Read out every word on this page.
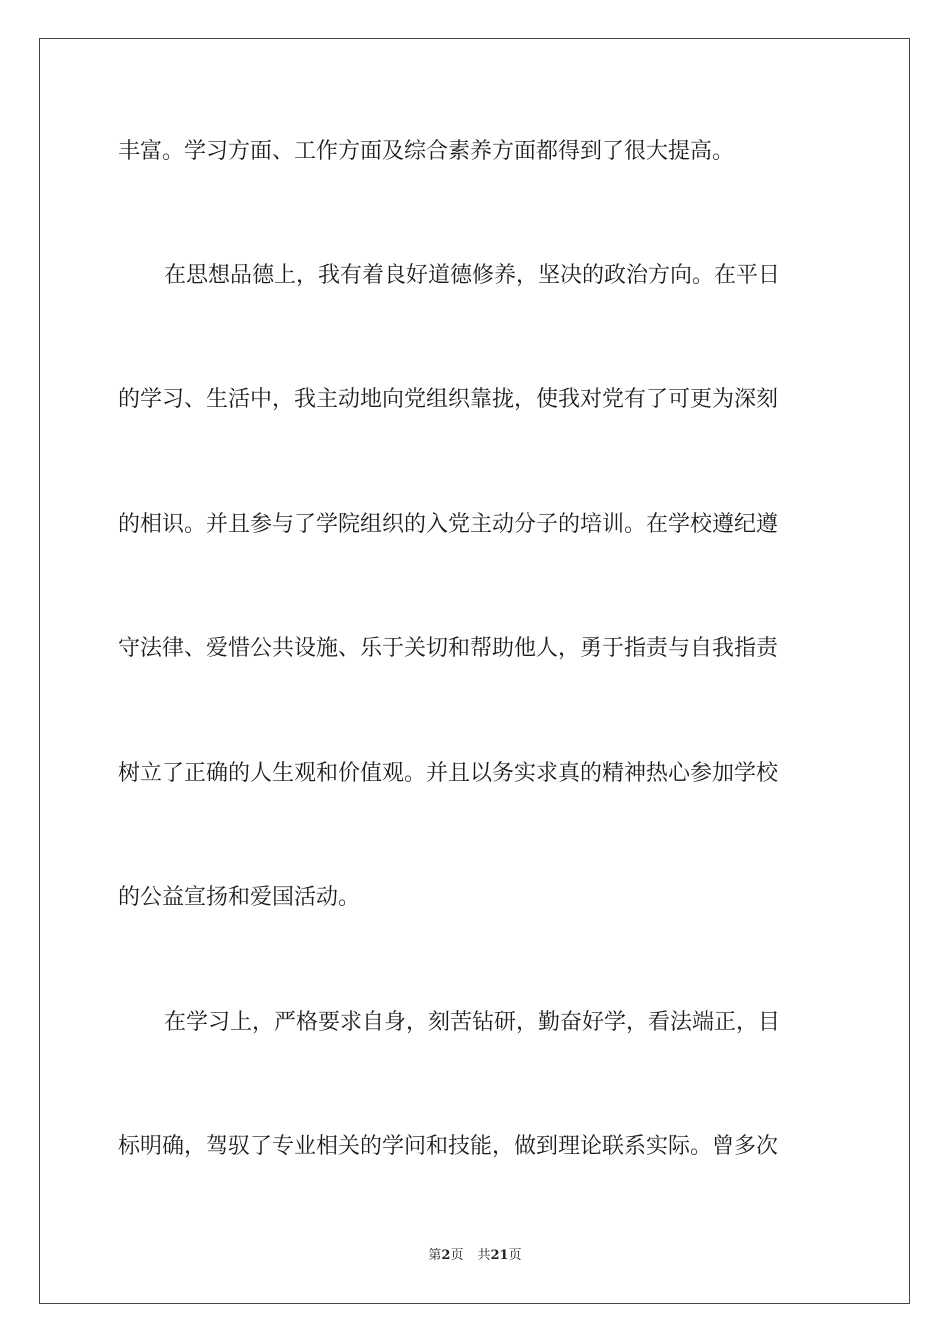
丰富。学习方面、工作方面及综合素养方面都得到了很大提高。
在思想品德上，我有着良好道德修养，坚决的政治方向。在平日
的学习、生活中，我主动地向党组织靠拢，使我对党有了可更为深刻
的相识。并且参与了学院组织的入党主动分子的培训。在学校遵纪遵
守法律、爱惜公共设施、乐于关切和帮助他人，勇于指责与自我指责
树立了正确的人生观和价值观。并且以务实求真的精神热心参加学校
的公益宣扬和爱国活动。
在学习上，严格要求自身，刻苦钻研，勤奋好学，看法端正，目
标明确，驾驭了专业相关的学问和技能，做到理论联系实际。曾多次
第2页 共21页
